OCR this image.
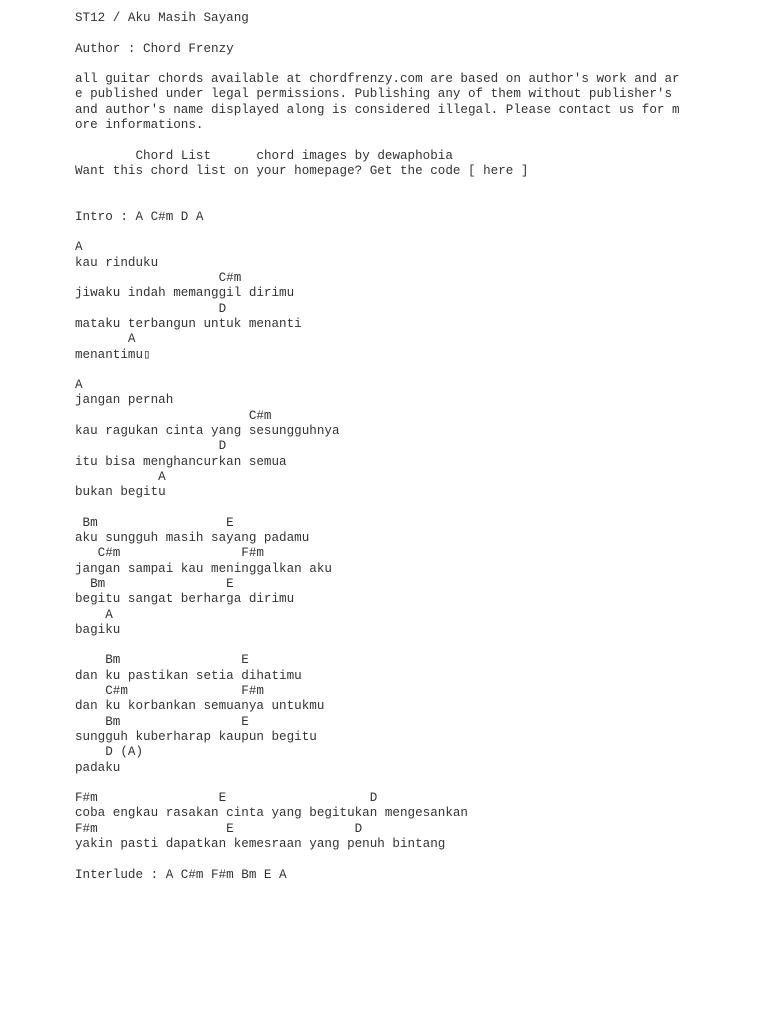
ST12 / Aku Masih Sayang
Author : Chord Frenzy
all guitar chords available at chordfrenzy.com are based on author's work and ar
e published under legal permissions. Publishing any of them without publisher's
and author's name displayed along is considered illegal. Please contact us for m
ore informations.
Chord List	chord images by dewaphobia
Want this chord list on your homepage? Get the code [ here ]
Intro : A C#m D A
A
kau rinduku
C#m
jiwaku indah memanggil dirimu
D
mataku terbangun untuk menanti
A
menantimu▯
A
jangan pernah
C#m
kau ragukan cinta yang sesungguhnya
D
itu bisa menghancurkan semua
A
bukan begitu
Bm                 E
aku sungguh masih sayang padamu
C#m                F#m
jangan sampai kau meninggalkan aku
Bm                E
begitu sangat berharga dirimu
A
bagiku
Bm                E
dan ku pastikan setia dihatimu
C#m               F#m
dan ku korbankan semuanya untukmu
Bm                E
sungguh kuberharap kaupun begitu
D (A)
padaku
F#m                E                   D
coba engkau rasakan cinta yang begitukan mengesankan
F#m                 E                D
yakin pasti dapatkan kemesraan yang penuh bintang
Interlude : A C#m F#m Bm E A
